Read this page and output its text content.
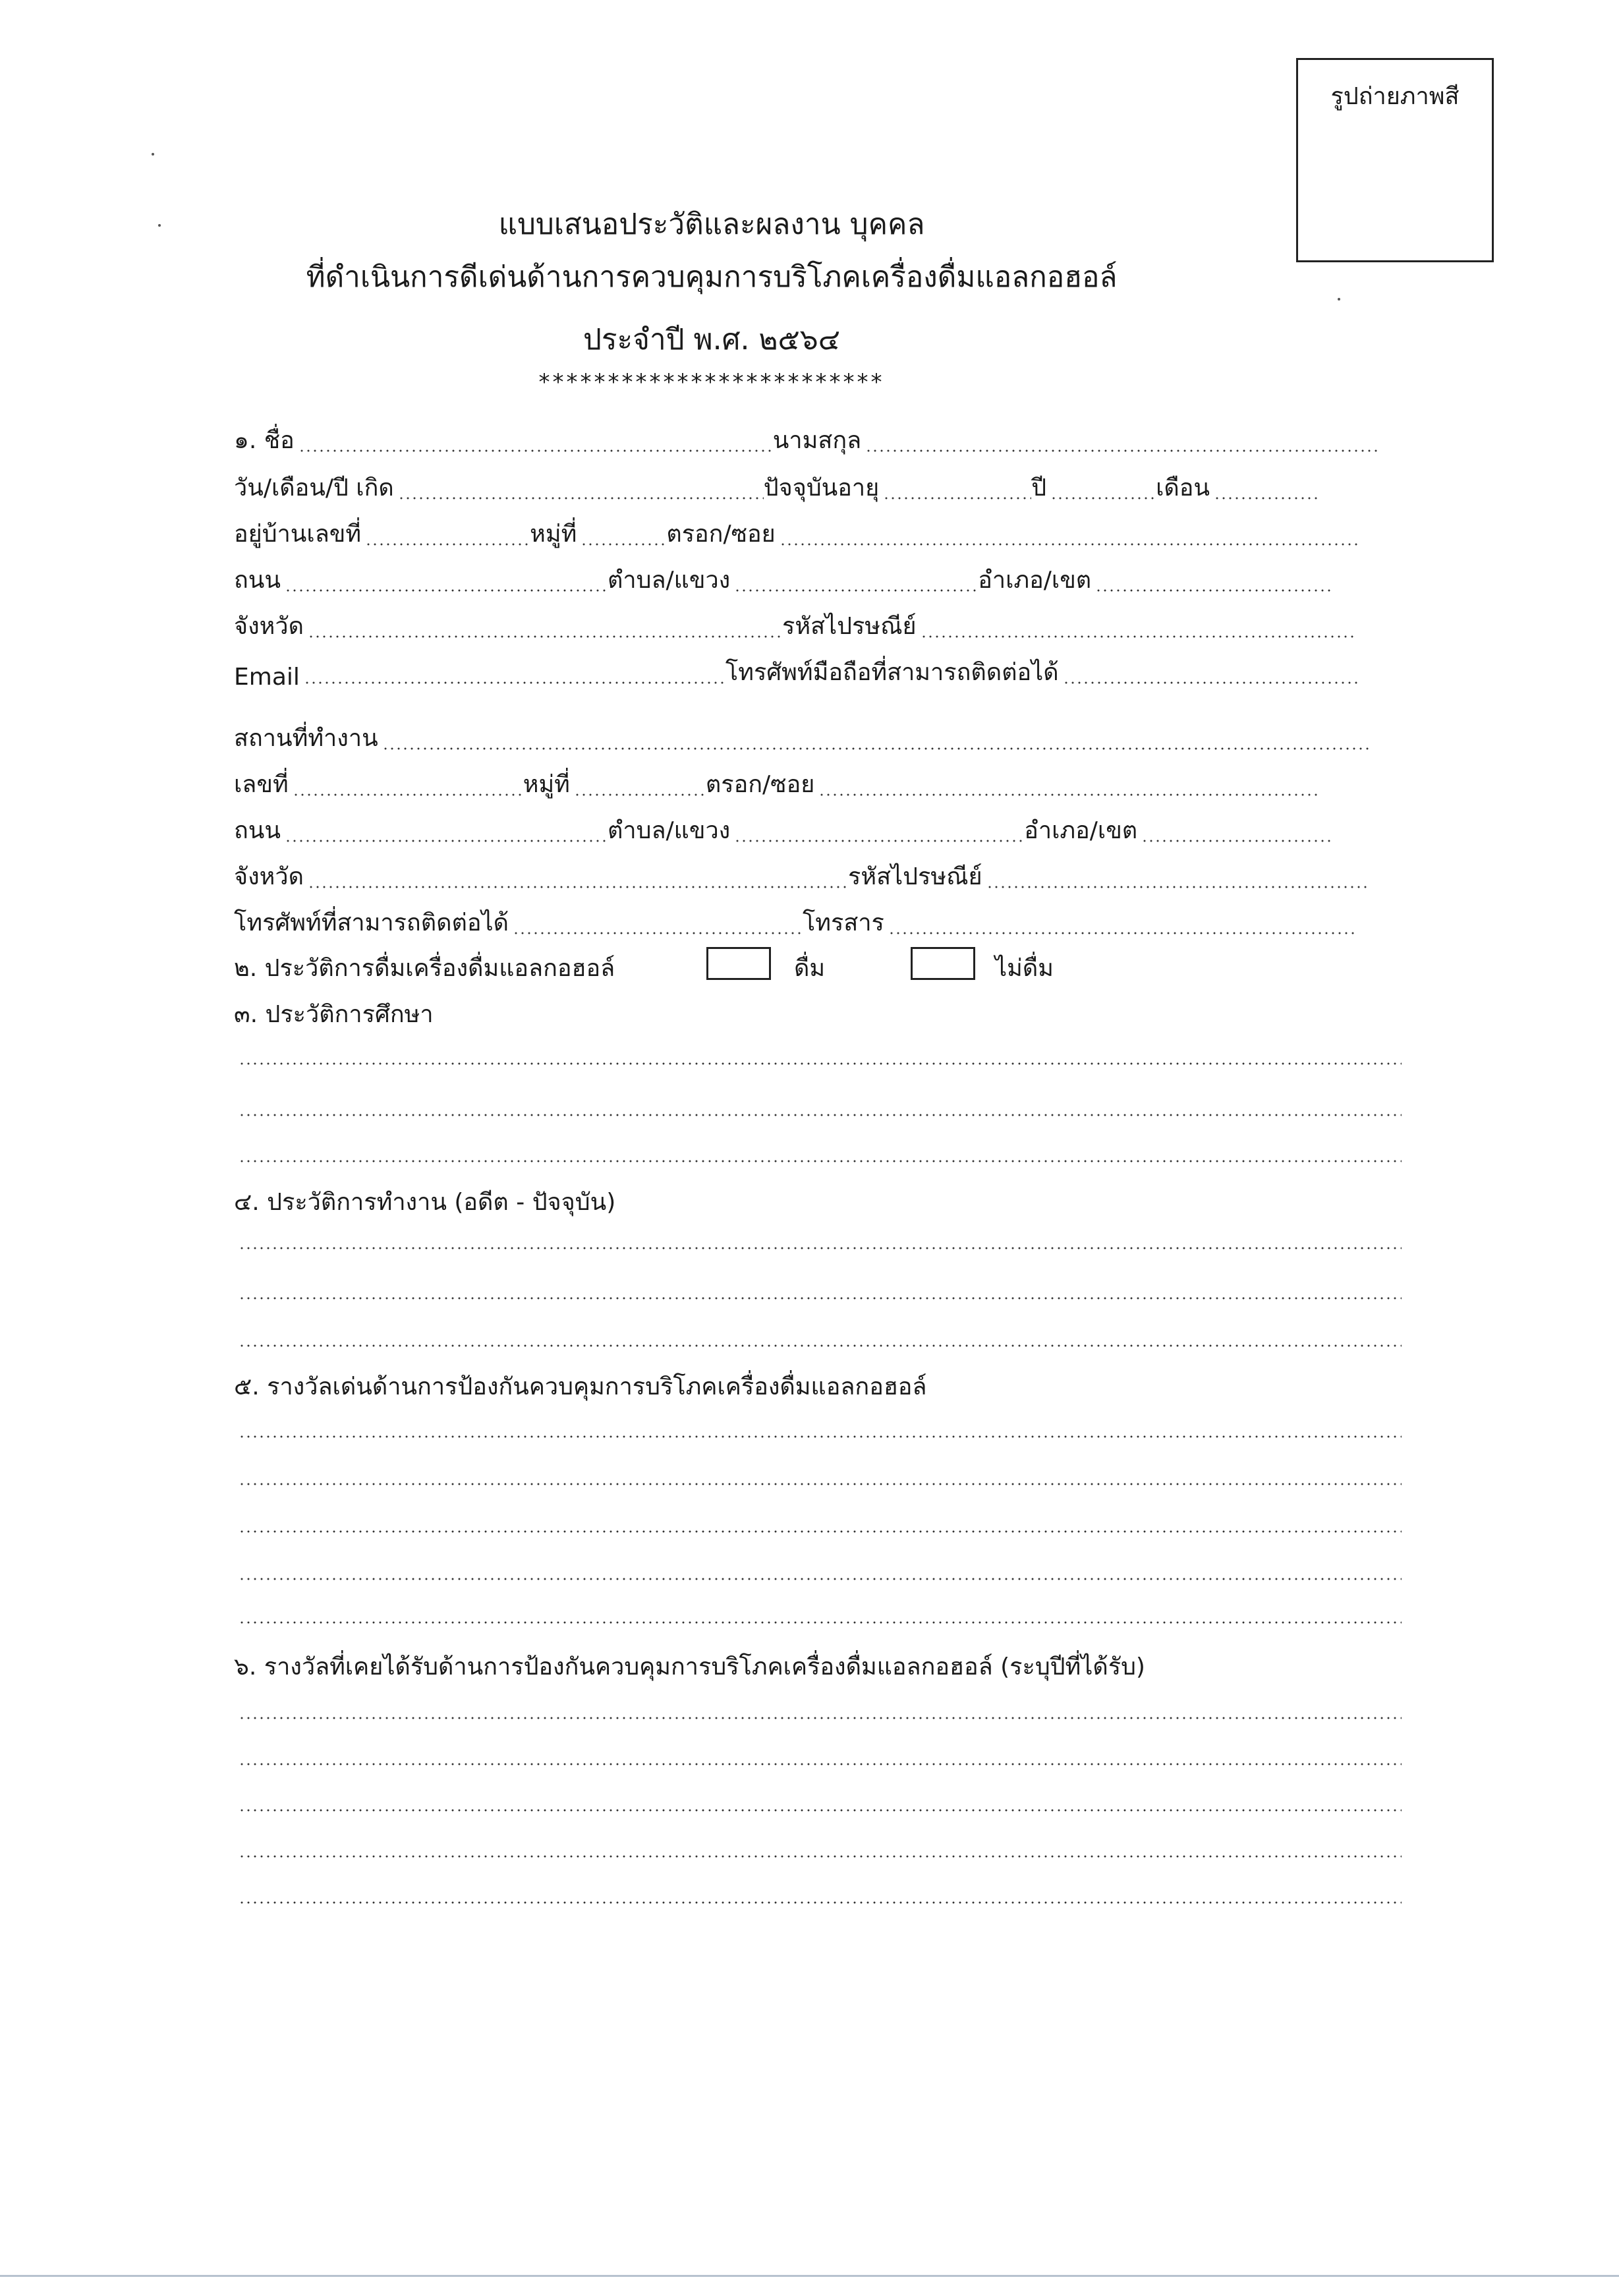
รูปถ่ายภาพสี
แบบเสนอประวัติและผลงาน บุคคล
ที่ดำเนินการดีเด่นด้านการควบคุมการบริโภคเครื่องดื่มแอลกอฮอล์
ประจำปี พ.ศ. ๒๕๖๔
*************************
๑. ชื่อ	นามสกุล
วัน/เดือน/ปี เกิด	ปัจจุบันอายุ	ปี	เดือน
อยู่บ้านเลขที่	หมู่ที่	ตรอก/ซอย
ถนน	ตำบล/แขวง	อำเภอ/เขต
จังหวัด	รหัสไปรษณีย์
Email	โทรศัพท์มือถือที่สามารถติดต่อได้
สถานที่ทำงาน
เลขที่	หมู่ที่	ตรอก/ซอย
ถนน	ตำบล/แขวง	อำเภอ/เขต
จังหวัด	รหัสไปรษณีย์
โทรศัพท์ที่สามารถติดต่อได้	โทรสาร
๒. ประวัติการดื่มเครื่องดื่มแอลกอฮอล์	ดื่ม	ไม่ดื่ม
๓. ประวัติการศึกษา
๔. ประวัติการทำงาน (อดีต - ปัจจุบัน)
๕. รางวัลเด่นด้านการป้องกันควบคุมการบริโภคเครื่องดื่มแอลกอฮอล์
๖. รางวัลที่เคยได้รับด้านการป้องกันควบคุมการบริโภคเครื่องดื่มแอลกอฮอล์ (ระบุปีที่ได้รับ)
